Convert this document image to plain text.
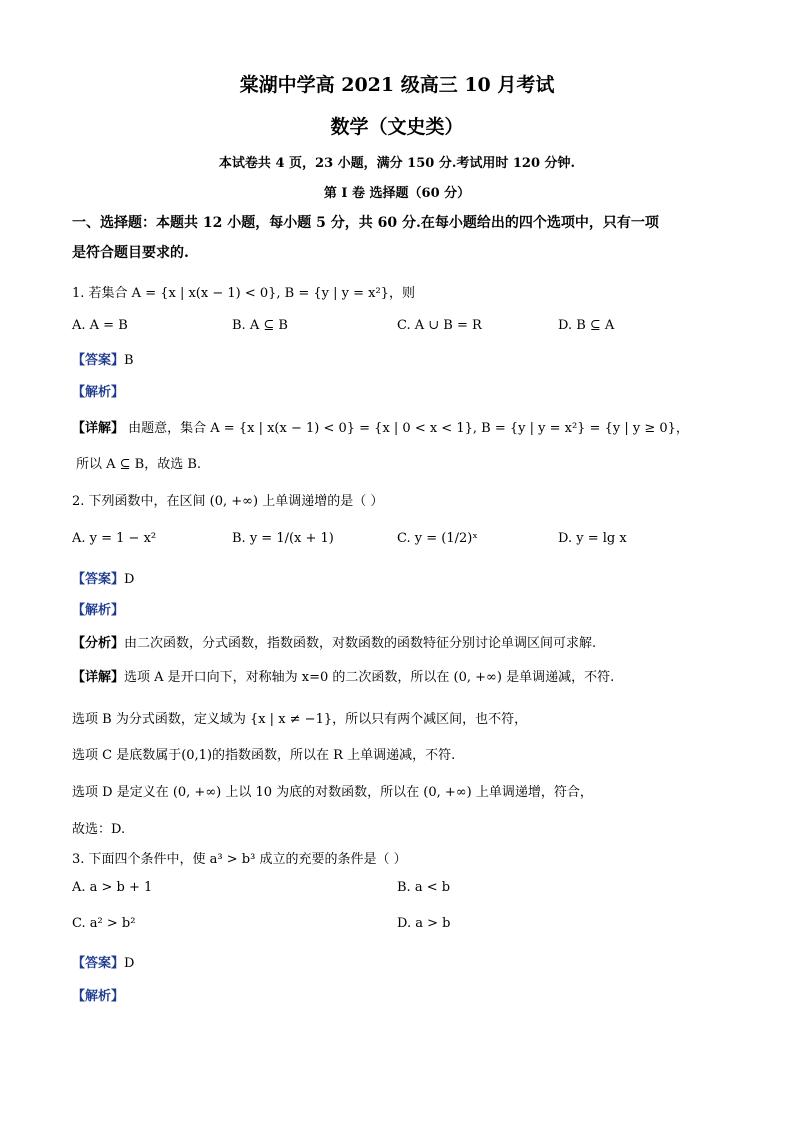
棠湖中学高 2021 级高三 10 月考试
数学（文史类）
本试卷共 4 页，23 小题，满分 150 分.考试用时 120 分钟.
第 I 卷 选择题（60 分）
一、选择题：本题共 12 小题，每小题 5 分，共 60 分.在每小题给出的四个选项中，只有一项
是符合题目要求的.
1. 若集合 A = {x | x(x − 1) < 0}, B = {y | y = x²}，则
A. A = B	B. A ⊆ B	C. A ∪ B = R	D. B ⊆ A
【答案】B
【解析】
【详解】 由题意，集合 A = {x | x(x − 1) < 0} = {x | 0 < x < 1}, B = {y | y = x²} = {y | y ≥ 0}，
所以 A ⊆ B，故选 B.
2. 下列函数中，在区间 (0, +∞) 上单调递增的是（ ）
A. y = 1 − x²	B. y = 1/(x + 1)	C. y = (1/2)ˣ	D. y = lg x
【答案】D
【解析】
【分析】由二次函数，分式函数，指数函数，对数函数的函数特征分别讨论单调区间可求解.
【详解】选项 A 是开口向下，对称轴为 x=0 的二次函数，所以在 (0, +∞) 是单调递减，不符.
选项 B 为分式函数，定义域为 {x | x ≠ −1}，所以只有两个减区间，也不符，
选项 C 是底数属于(0,1)的指数函数，所以在 R 上单调递减，不符.
选项 D 是定义在 (0, +∞) 上以 10 为底的对数函数，所以在 (0, +∞) 上单调递增，符合，
故选：D.
3. 下面四个条件中，使 a³ > b³ 成立的充要的条件是（ ）
A. a > b + 1	B. a < b
C. a² > b²	D. a > b
【答案】D
【解析】
